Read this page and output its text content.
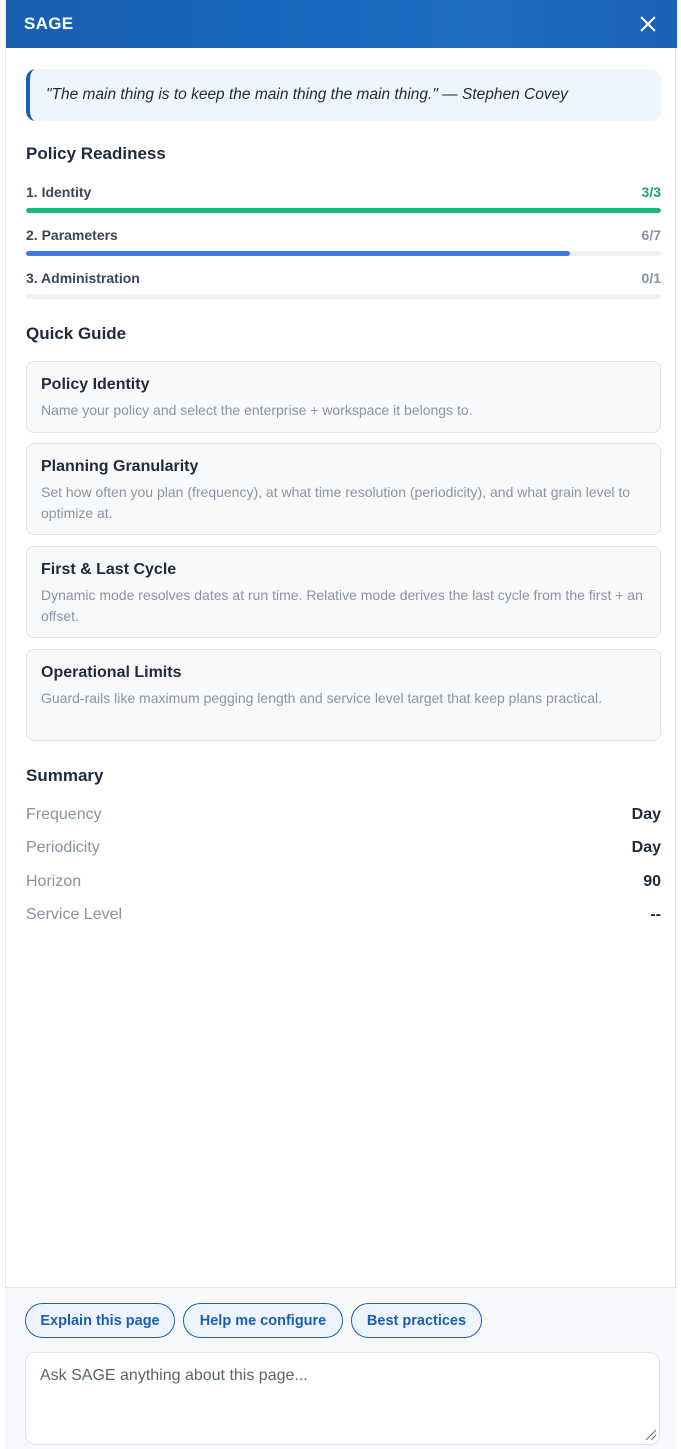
SAGE
"The main thing is to keep the main thing the main thing." — Stephen Covey
Policy Readiness
1. Identity	3/3
2. Parameters	6/7
3. Administration	0/1
Quick Guide
Policy Identity
Name your policy and select the enterprise + workspace it belongs to.
Planning Granularity
Set how often you plan (frequency), at what time resolution (periodicity), and what grain level to optimize at.
First & Last Cycle
Dynamic mode resolves dates at run time. Relative mode derives the last cycle from the first + an offset.
Operational Limits
Guard-rails like maximum pegging length and service level target that keep plans practical.
Summary
Frequency	Day
Periodicity	Day
Horizon	90
Service Level	--
Explain this page	Help me configure	Best practices
Ask SAGE anything about this page...
